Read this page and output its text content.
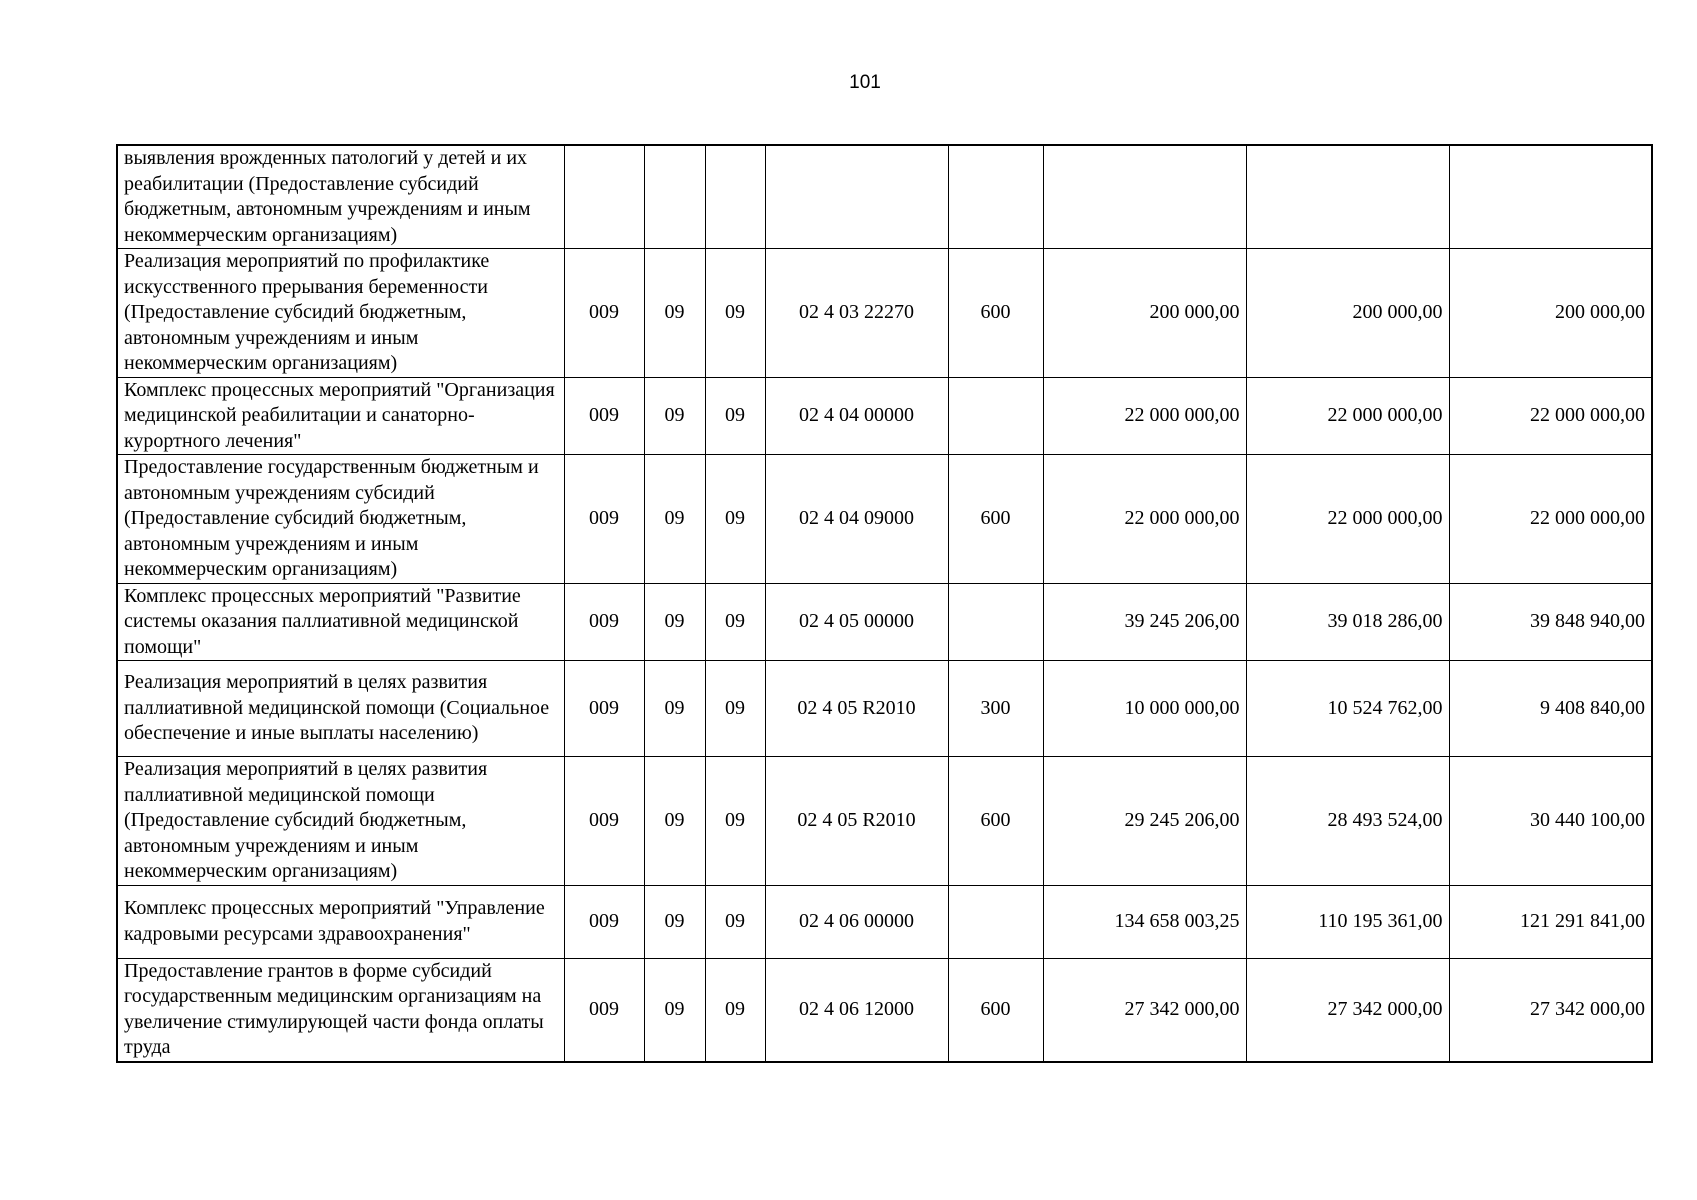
101
выявления врожденных патологий у детей и их реабилитации (Предоставление субсидий бюджетным, автономным учреждениям и иным некоммерческим организациям)								
Реализация мероприятий по профилактике искусственного прерывания беременности (Предоставление субсидий бюджетным, автономным учреждениям и иным некоммерческим организациям)	009	09	09	02 4 03 22270	600	200 000,00	200 000,00	200 000,00
Комплекс процессных мероприятий "Организация медицинской реабилитации и санаторно-курортного лечения"	009	09	09	02 4 04 00000		22 000 000,00	22 000 000,00	22 000 000,00
Предоставление государственным бюджетным и автономным учреждениям субсидий (Предоставление субсидий бюджетным, автономным учреждениям и иным некоммерческим организациям)	009	09	09	02 4 04 09000	600	22 000 000,00	22 000 000,00	22 000 000,00
Комплекс процессных мероприятий "Развитие системы оказания паллиативной медицинской помощи"	009	09	09	02 4 05 00000		39 245 206,00	39 018 286,00	39 848 940,00
Реализация мероприятий в целях развития паллиативной медицинской помощи (Социальное обеспечение и иные выплаты населению)	009	09	09	02 4 05 R2010	300	10 000 000,00	10 524 762,00	9 408 840,00
Реализация мероприятий в целях развития паллиативной медицинской помощи (Предоставление субсидий бюджетным, автономным учреждениям и иным некоммерческим организациям)	009	09	09	02 4 05 R2010	600	29 245 206,00	28 493 524,00	30 440 100,00
Комплекс процессных мероприятий "Управление кадровыми ресурсами здравоохранения"	009	09	09	02 4 06 00000		134 658 003,25	110 195 361,00	121 291 841,00
Предоставление грантов в форме субсидий государственным медицинским организациям на увеличение стимулирующей части фонда оплаты труда	009	09	09	02 4 06 12000	600	27 342 000,00	27 342 000,00	27 342 000,00
